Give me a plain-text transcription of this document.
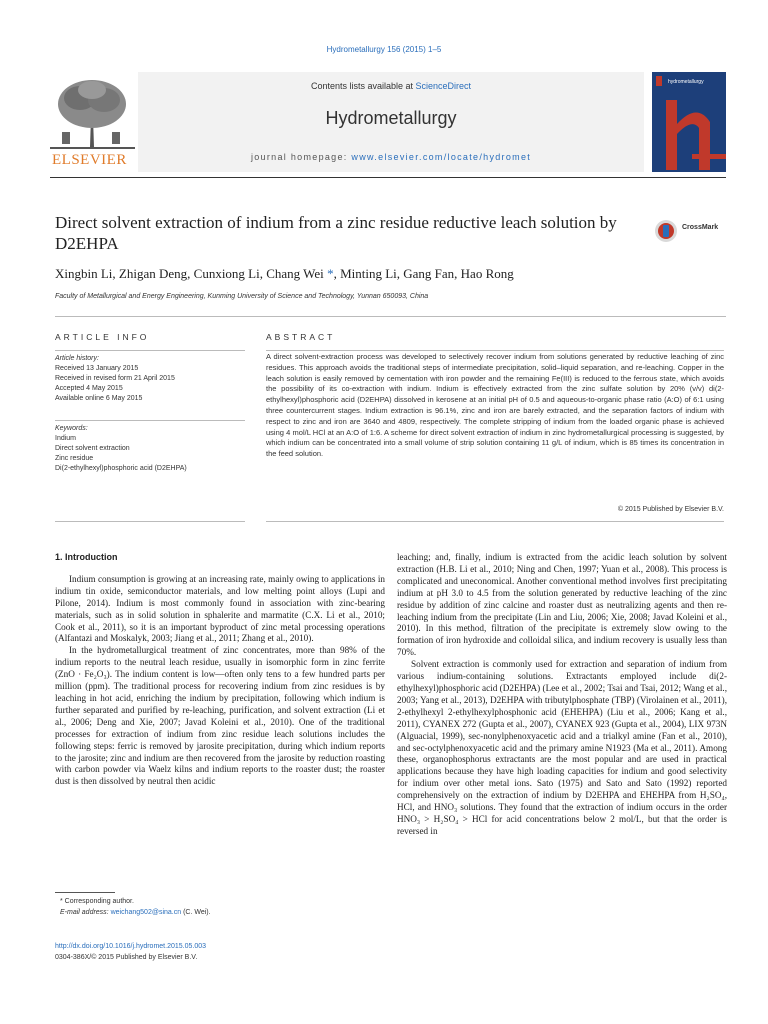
Hydrometallurgy 156 (2015) 1–5
ELSEVIER
Contents lists available at ScienceDirect
Hydrometallurgy
journal homepage: www.elsevier.com/locate/hydromet
hydrometallurgy
Direct solvent extraction of indium from a zinc residue reductive leach solution by D2EHPA
CrossMark
Xingbin Li, Zhigan Deng, Cunxiong Li, Chang Wei *, Minting Li, Gang Fan, Hao Rong
Faculty of Metallurgical and Energy Engineering, Kunming University of Science and Technology, Yunnan 650093, China
ARTICLE INFO	ABSTRACT
Article history:
Received 13 January 2015
Received in revised form 21 April 2015
Accepted 4 May 2015
Available online 6 May 2015
Keywords:
Indium
Direct solvent extraction
Zinc residue
Di(2-ethylhexyl)phosphoric acid (D2EHPA)

A direct solvent-extraction process was developed to selectively recover indium from solutions generated by reductive leaching of zinc residues. This approach avoids the traditional steps of intermediate precipitation, solid–liquid separation, and re-leaching. Copper in the leach solution is easily removed by cementation with iron powder and the remaining Fe(III) is reduced to the ferrous state, which avoids the possibility of its co-extraction with indium. Indium is effectively extracted from the zinc sulfate solution by 20% (v/v) di(2-ethylhexyl)phosphoric acid (D2EHPA) dissolved in kerosene at an initial pH of 0.5 and aqueous-to-organic phase ratio (A:O) of 6:1 using three countercurrent stages. Indium extraction is 96.1%, zinc and iron are barely extracted, and the separation factors of indium with respect to zinc and iron are 3640 and 4809, respectively. The complete stripping of indium from the loaded organic phase is achieved using 4 mol/L HCl at an A:O of 1:6. A scheme for direct solvent extraction of indium in zinc hydrometallurgical processing is suggested, by which indium can be concentrated into a small volume of strip solution containing 11 g/L of indium, which is 85 times its concentration in the feed solution.

© 2015 Published by Elsevier B.V.
1. Introduction

Indium consumption is growing at an increasing rate, mainly owing to applications in indium tin oxide, semiconductor materials, and low melting point alloys (Lupi and Pilone, 2014). Indium is most commonly found in association with zinc-bearing materials, such as in solid solution in sphalerite and marmatite (C.X. Li et al., 2010; Cook et al., 2011), so it is an important byproduct of zinc metal processing operations (Alfantazi and Moskalyk, 2003; Jiang et al., 2011; Zhang et al., 2010).

In the hydrometallurgical treatment of zinc concentrates, more than 98% of the indium reports to the neutral leach residue, usually in isomorphic form in zinc ferrite (ZnO · Fe₂O₃). The indium content is low—often only tens to a few hundred parts per million (ppm). The traditional process for recovering indium from zinc residues is by leaching in hot acid, enriching the indium by precipitation, following which indium is further separated and purified by re-leaching, purification, and solvent extraction (Li et al., 2006; Deng and Xie, 2007; Javad Koleini et al., 2010). One of the traditional processes for extraction of indium from zinc residue leach solutions includes the following steps: ferric is removed by jarosite precipitation, during which indium reports to the jarosite; zinc and indium are then recovered from the jarosite by reduction roasting with carbon powder via Waelz kilns and indium reports to the roaster dust; the roaster dust is then dissolved by neutral then acidic

leaching; and, finally, indium is extracted from the acidic leach solution by solvent extraction (H.B. Li et al., 2010; Ning and Chen, 1997; Yuan et al., 2008). This process is complicated and uneconomical. Another conventional method involves first precipitating indium at pH 3.0 to 4.5 from the solution generated by reductive leaching of the zinc residue by addition of zinc calcine and roaster dust as neutralizing agents and then re-leaching indium from the precipitate (Lin and Liu, 2006; Xie, 2008; Javad Koleini et al., 2010). In this method, filtration of the precipitate is extremely slow owing to the formation of iron hydroxide and colloidal silica, and indium recovery is usually less than 70%.

Solvent extraction is commonly used for extraction and separation of indium from various indium-containing solutions. Extractants employed include di(2-ethylhexyl)phosphoric acid (D2EHPA) (Lee et al., 2002; Tsai and Tsai, 2012; Wang et al., 2003; Yang et al., 2013), D2EHPA with tributylphosphate (TBP) (Virolainen et al., 2011), 2-ethylhexyl 2-ethylhexylphosphonic acid (EHEHPA) (Liu et al., 2006; Kang et al., 2011), CYANEX 272 (Gupta et al., 2007), CYANEX 923 (Gupta et al., 2004), LIX 973N (Alguacial, 1999), sec-nonylphenoxyacetic acid and a trialkyl amine (Fan et al., 2010), and sec-octylphenoxyacetic acid and the primary amine N1923 (Ma et al., 2011). Among these, organophosphorus extractants are the most popular and are used in practical applications because they have high loading capacities for indium and good selectivity for indium over other metal ions. Sato (1975) and Sato and Sato (1992) reported comprehensively on the extraction of indium by D2EHPA and EHEHPA from H₂SO₄, HCl, and HNO₃ solutions. They found that the extraction of indium occurs in the order HNO₃ > H₂SO₄ > HCl for acid concentrations below 2 mol/L, but that the order is reversed in

* Corresponding author.
E-mail address: weichang502@sina.cn (C. Wei).
http://dx.doi.org/10.1016/j.hydromet.2015.05.003
0304-386X/© 2015 Published by Elsevier B.V.
